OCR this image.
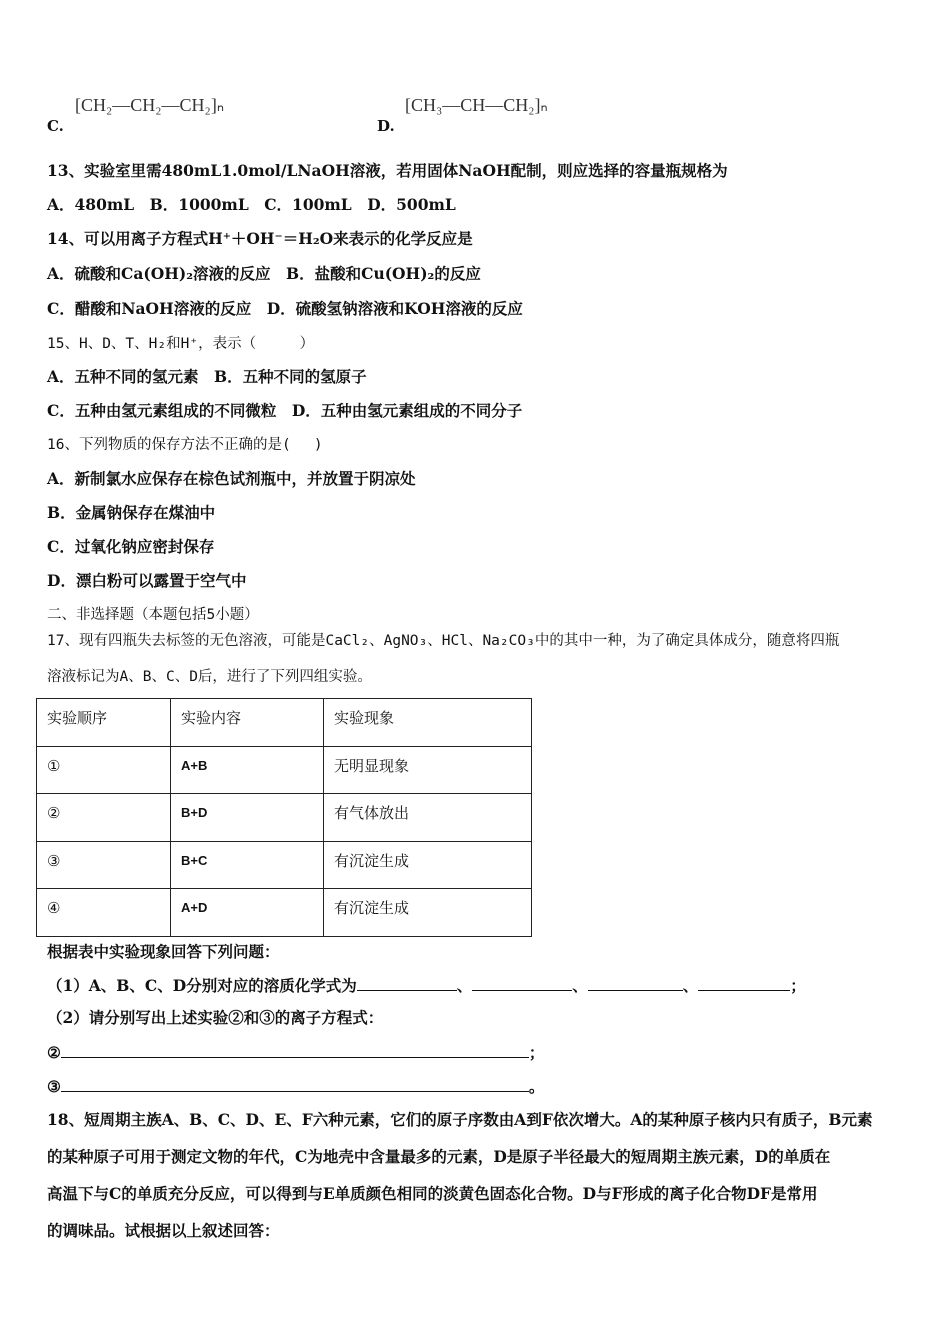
C.
[CH₂—CH₂—CH₂]ₙ
D.
[CH₃—CH—CH₂]ₙ
13、实验室里需480mL1.0mol/LNaOH溶液，若用固体NaOH配制，则应选择的容量瓶规格为
A．480mL　B．1000mL　C．100mL　D．500mL
14、可以用离子方程式H⁺＋OH⁻＝H₂O来表示的化学反应是
A．硫酸和Ca(OH)₂溶液的反应　B．盐酸和Cu(OH)₂的反应
C．醋酸和NaOH溶液的反应　D．硫酸氢钠溶液和KOH溶液的反应
15、H、D、T、H₂和H⁺，表示（　　　）
A．五种不同的氢元素　B．五种不同的氢原子
C．五种由氢元素组成的不同微粒　D．五种由氢元素组成的不同分子
16、下列物质的保存方法不正确的是(　 )
A．新制氯水应保存在棕色试剂瓶中，并放置于阴凉处
B．金属钠保存在煤油中
C．过氧化钠应密封保存
D．漂白粉可以露置于空气中
二、非选择题（本题包括5小题）
17、现有四瓶失去标签的无色溶液，可能是CaCl₂、AgNO₃、HCl、Na₂CO₃中的其中一种，为了确定具体成分，随意将四瓶
溶液标记为A、B、C、D后，进行了下列四组实验。
实验顺序	实验内容	实验现象
①	A+B	无明显现象
②	B+D	有气体放出
③	B+C	有沉淀生成
④	A+D	有沉淀生成
根据表中实验现象回答下列问题：
（1）A、B、C、D分别对应的溶质化学式为	、	、	、	；
（2）请分别写出上述实验②和③的离子方程式：
②	；
③	。
18、短周期主族A、B、C、D、E、F六种元素，它们的原子序数由A到F依次增大。A的某种原子核内只有质子，B元素
的某种原子可用于测定文物的年代，C为地壳中含量最多的元素，D是原子半径最大的短周期主族元素，D的单质在
高温下与C的单质充分反应，可以得到与E单质颜色相同的淡黄色固态化合物。D与F形成的离子化合物DF是常用
的调味品。试根据以上叙述回答：
